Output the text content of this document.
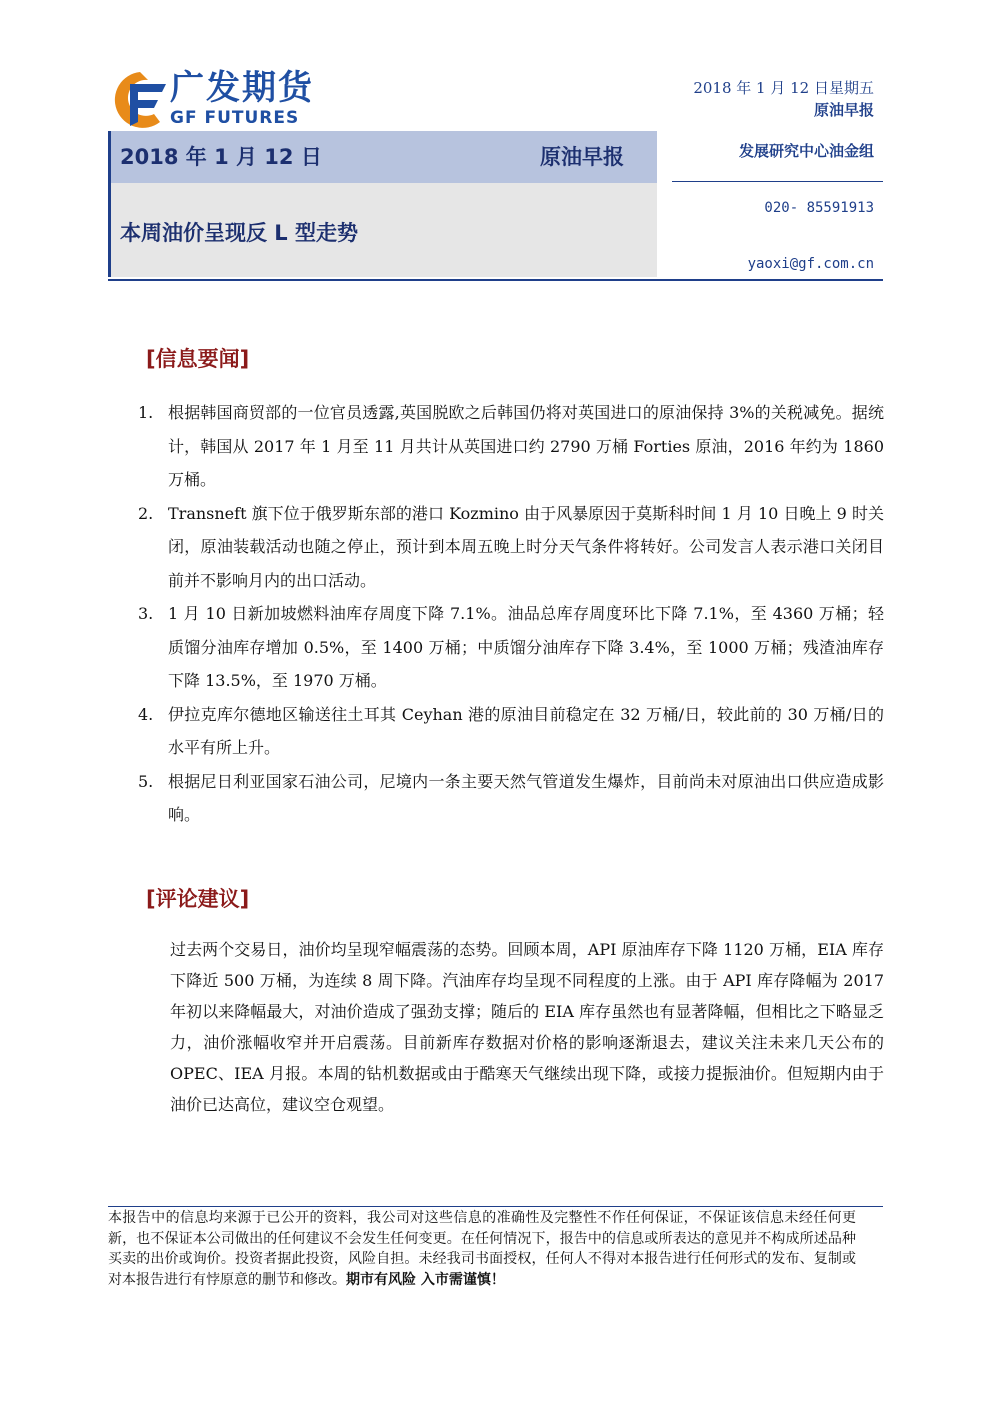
广发期货
GF FUTURES
2018 年 1 月 12 日星期五
原油早报
2018 年 1 月 12 日	原油早报
本周油价呈现反 L 型走势
发展研究中心油金组
020- 85591913
yaoxi@gf.com.cn
[信息要闻]
1. 根据韩国商贸部的一位官员透露,英国脱欧之后韩国仍将对英国进口的原油保持 3%的关税减免。据统计，韩国从 2017 年 1 月至 11 月共计从英国进口约 2790 万桶 Forties 原油，2016 年约为 1860 万桶。
2. Transneft 旗下位于俄罗斯东部的港口 Kozmino 由于风暴原因于莫斯科时间 1 月 10 日晚上 9 时关闭，原油装载活动也随之停止，预计到本周五晚上时分天气条件将转好。公司发言人表示港口关闭目前并不影响月内的出口活动。
3. 1 月 10 日新加坡燃料油库存周度下降 7.1%。油品总库存周度环比下降 7.1%，至 4360 万桶；轻质馏分油库存增加 0.5%，至 1400 万桶；中质馏分油库存下降 3.4%，至 1000 万桶；残渣油库存下降 13.5%，至 1970 万桶。
4. 伊拉克库尔德地区输送往土耳其 Ceyhan 港的原油目前稳定在 32 万桶/日，较此前的 30 万桶/日的水平有所上升。
5. 根据尼日利亚国家石油公司，尼境内一条主要天然气管道发生爆炸，目前尚未对原油出口供应造成影响。
[评论建议]
过去两个交易日，油价均呈现窄幅震荡的态势。回顾本周，API 原油库存下降 1120 万桶，EIA 库存下降近 500 万桶，为连续 8 周下降。汽油库存均呈现不同程度的上涨。由于 API 库存降幅为 2017 年初以来降幅最大，对油价造成了强劲支撑；随后的 EIA 库存虽然也有显著降幅，但相比之下略显乏力，油价涨幅收窄并开启震荡。目前新库存数据对价格的影响逐渐退去，建议关注未来几天公布的 OPEC、IEA 月报。本周的钻机数据或由于酷寒天气继续出现下降，或接力提振油价。但短期内由于油价已达高位，建议空仓观望。
本报告中的信息均来源于已公开的资料，我公司对这些信息的准确性及完整性不作任何保证，不保证该信息未经任何更新，也不保证本公司做出的任何建议不会发生任何变更。在任何情况下，报告中的信息或所表达的意见并不构成所述品种买卖的出价或询价。投资者据此投资，风险自担。未经我司书面授权，任何人不得对本报告进行任何形式的发布、复制或对本报告进行有悖原意的删节和修改。期市有风险 入市需谨慎！
